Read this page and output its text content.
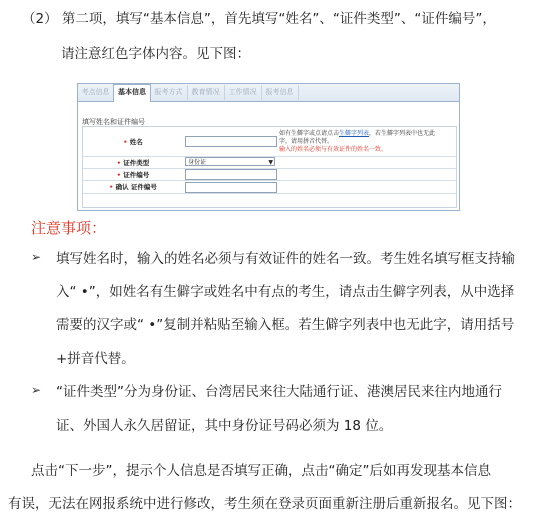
（2） 第二项，填写“基本信息”，首先填写“姓名”、“证件类型”、“证件编号”，
请注意红色字体内容。见下图：
考点信息	基本信息	报考方式	教育情况	工作情况	报考信息
填写姓名和证件编号
• 姓名
如有生僻字或点请点击生僻字列表，若生僻字列表中也无此
字，请用拼音代替。
输入的姓名必须与有效证件的姓名一致。
• 证件类型	身份证	▼
• 证件编号
• 确认 证件编号
注意事项：
➢ 填写姓名时，输入的姓名必须与有效证件的姓名一致。考生姓名填写框支持输
入“ •”，如姓名有生僻字或姓名中有点的考生，请点击生僻字列表，从中选择
需要的汉字或“ •”复制并粘贴至输入框。若生僻字列表中也无此字，请用括号
+拼音代替。
➢ “证件类型”分为身份证、台湾居民来往大陆通行证、港澳居民来往内地通行
证、外国人永久居留证，其中身份证号码必须为 18 位。
点击“下一步”，提示个人信息是否填写正确，点击“确定”后如再发现基本信息
有误，无法在网报系统中进行修改，考生须在登录页面重新注册后重新报名。见下图：
